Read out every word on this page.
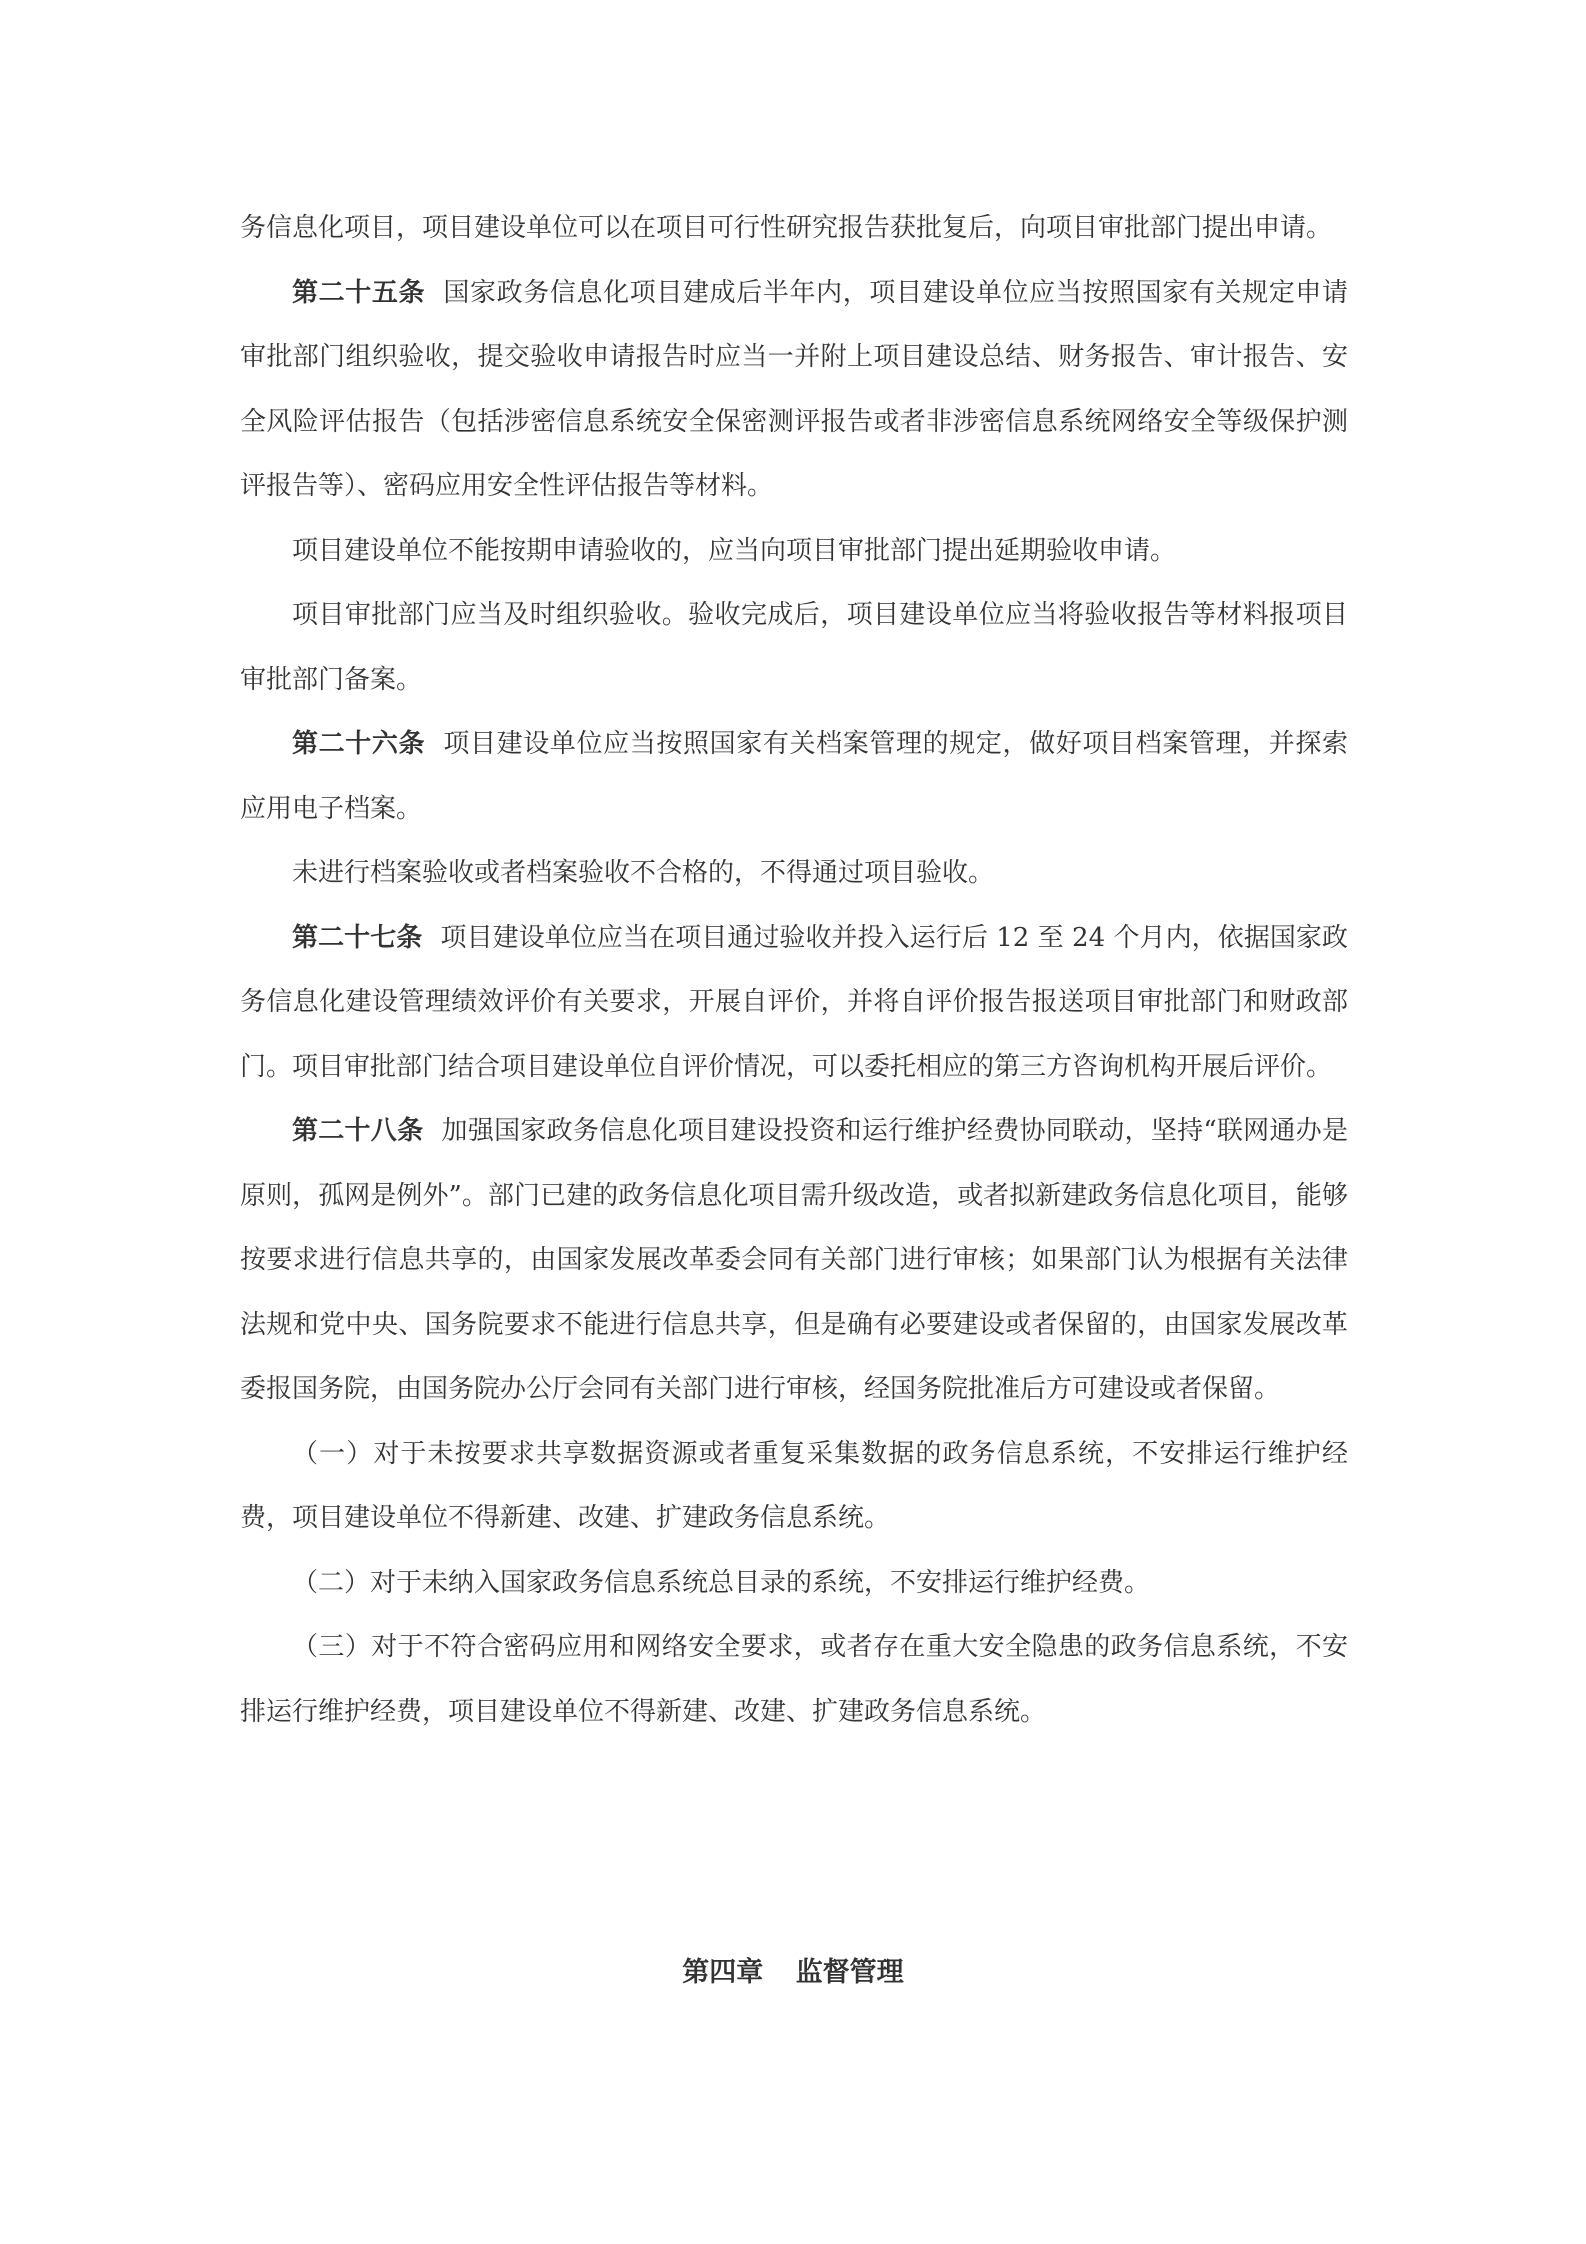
务信息化项目，项目建设单位可以在项目可行性研究报告获批复后，向项目审批部门提出申请。

第二十五条 国家政务信息化项目建成后半年内，项目建设单位应当按照国家有关规定申请审批部门组织验收，提交验收申请报告时应当一并附上项目建设总结、财务报告、审计报告、安全风险评估报告（包括涉密信息系统安全保密测评报告或者非涉密信息系统网络安全等级保护测评报告等）、密码应用安全性评估报告等材料。

项目建设单位不能按期申请验收的，应当向项目审批部门提出延期验收申请。

项目审批部门应当及时组织验收。验收完成后，项目建设单位应当将验收报告等材料报项目审批部门备案。

第二十六条 项目建设单位应当按照国家有关档案管理的规定，做好项目档案管理，并探索应用电子档案。

未进行档案验收或者档案验收不合格的，不得通过项目验收。

第二十七条 项目建设单位应当在项目通过验收并投入运行后 12 至 24 个月内，依据国家政务信息化建设管理绩效评价有关要求，开展自评价，并将自评价报告报送项目审批部门和财政部门。项目审批部门结合项目建设单位自评价情况，可以委托相应的第三方咨询机构开展后评价。

第二十八条 加强国家政务信息化项目建设投资和运行维护经费协同联动，坚持“联网通办是原则，孤网是例外”。部门已建的政务信息化项目需升级改造，或者拟新建政务信息化项目，能够按要求进行信息共享的，由国家发展改革委会同有关部门进行审核；如果部门认为根据有关法律法规和党中央、国务院要求不能进行信息共享，但是确有必要建设或者保留的，由国家发展改革委报国务院，由国务院办公厅会同有关部门进行审核，经国务院批准后方可建设或者保留。

（一）对于未按要求共享数据资源或者重复采集数据的政务信息系统，不安排运行维护经费，项目建设单位不得新建、改建、扩建政务信息系统。

（二）对于未纳入国家政务信息系统总目录的系统，不安排运行维护经费。

（三）对于不符合密码应用和网络安全要求，或者存在重大安全隐患的政务信息系统，不安排运行维护经费，项目建设单位不得新建、改建、扩建政务信息系统。

第四章 监督管理
